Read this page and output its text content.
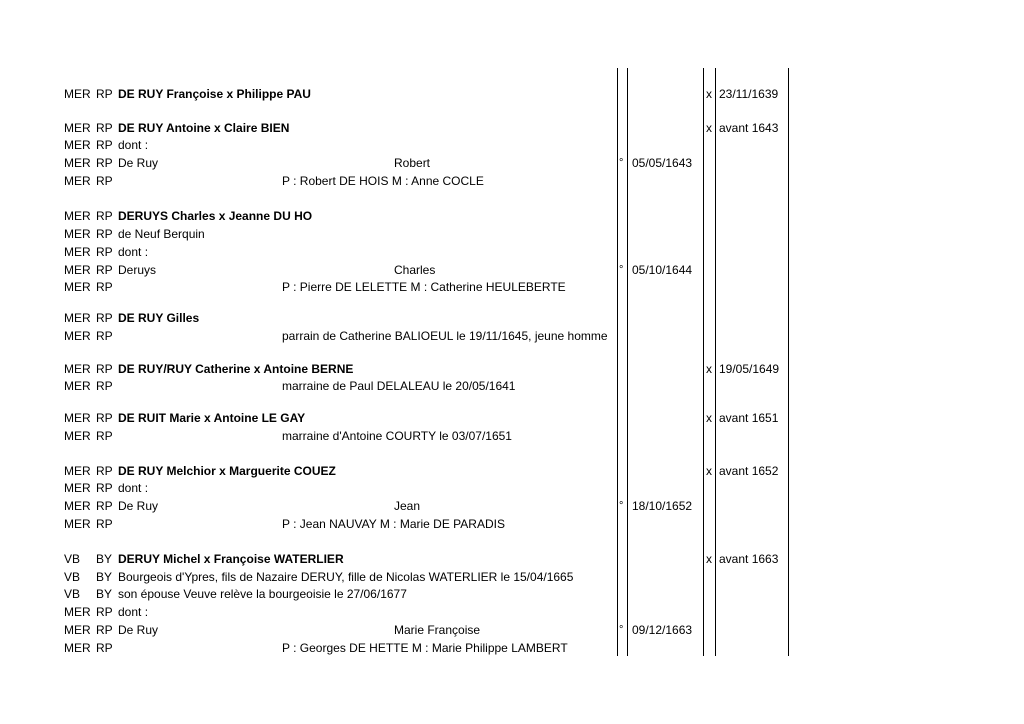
MER RP DE RUY Françoise x Philippe PAU	x 23/11/1639
MER RP DE RUY Antoine x Claire BIEN	x avant 1643
MER RP dont :
MER RP De Ruy	Robert	° 05/05/1643
MER RP	P : Robert DE HOIS M : Anne COCLE
MER RP DERUYS Charles x Jeanne DU HO
MER RP de Neuf Berquin
MER RP dont :
MER RP Deruys	Charles	° 05/10/1644
MER RP	P : Pierre DE LELETTE M : Catherine HEULEBERTE
MER RP DE RUY Gilles
MER RP	parrain de Catherine BALIOEUL le 19/11/1645, jeune homme
MER RP DE RUY/RUY Catherine x Antoine BERNE	x 19/05/1649
MER RP	marraine de Paul DELALEAU le 20/05/1641
MER RP DE RUIT Marie x Antoine LE GAY	x avant 1651
MER RP	marraine d'Antoine COURTY le 03/07/1651
MER RP DE RUY Melchior x Marguerite COUEZ	x avant 1652
MER RP dont :
MER RP De Ruy	Jean	° 18/10/1652
MER RP	P : Jean NAUVAY M : Marie DE PARADIS
VB BY DERUY Michel x Françoise WATERLIER	x avant 1663
VB BY Bourgeois d'Ypres, fils de Nazaire DERUY, fille de Nicolas WATERLIER le 15/04/1665
VB BY son épouse Veuve relève la bourgeoisie le 27/06/1677
MER RP dont :
MER RP De Ruy	Marie Françoise	° 09/12/1663
MER RP	P : Georges DE HETTE M : Marie Philippe LAMBERT
